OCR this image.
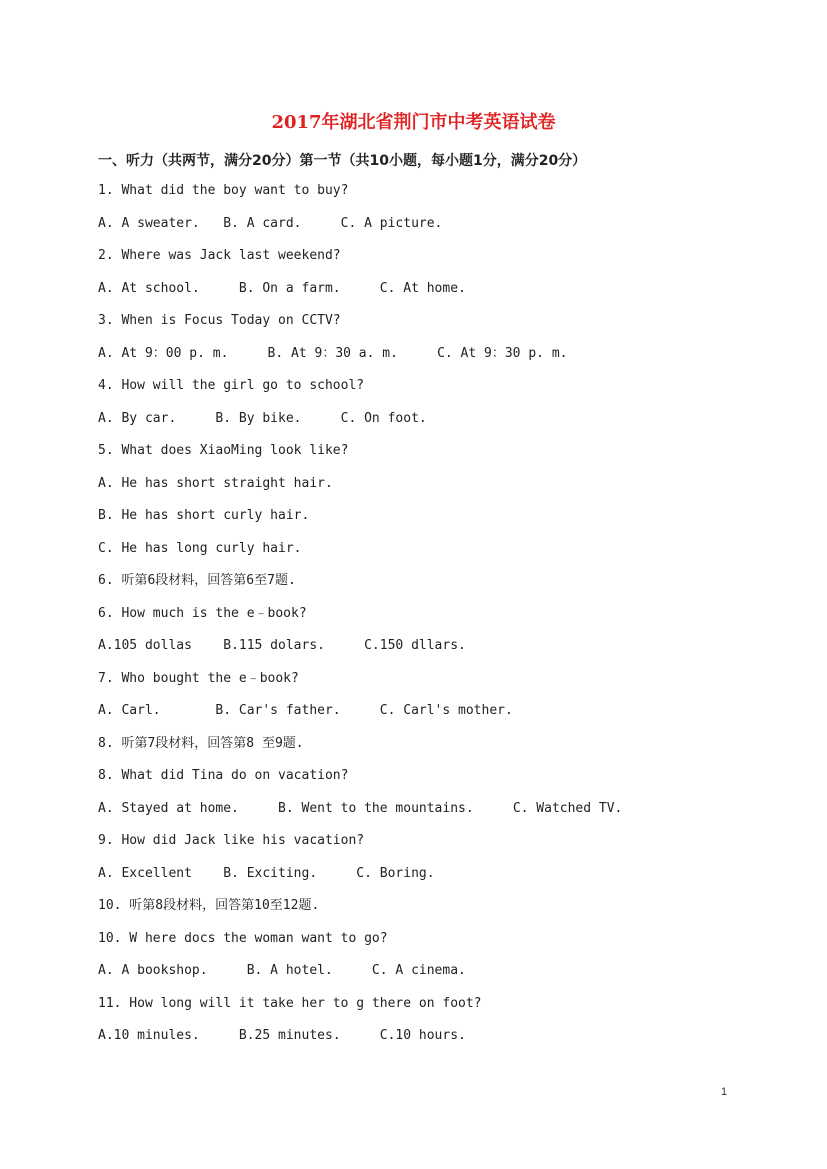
2017年湖北省荆门市中考英语试卷
一、听力（共两节，满分20分）第一节（共10小题，每小题1分，满分20分）
1. What did the boy want to buy?
A. A sweater.   B. A card.     C. A picture.
2. Where was Jack last weekend?
A. At school.     B. On a farm.     C. At home.
3. When is Focus Today on CCTV?
A. At 9：00 p. m.     B. At 9：30 a. m.     C. At 9：30 p. m.
4. How will the girl go to school?
A. By car.     B. By bike.     C. On foot.
5. What does XiaoMing look like?
A. He has short straight hair.
B. He has short curly hair.
C. He has long curly hair.
6. 听第6段材料，回答第6至7题.
6. How much is the e﹣book?
A.105 dollas    B.115 dolars.     C.150 dllars.
7. Who bought the e﹣book?
A. Carl.       B. Car's father.     C. Carl's mother.
8. 听第7段材料，回答第8 至9题.
8. What did Tina do on vacation?
A. Stayed at home.     B. Went to the mountains.     C. Watched TV.
9. How did Jack like his vacation?
A. Excellent    B. Exciting.     C. Boring.
10. 听第8段材料，回答第10至12题.
10. W here docs the woman want to go?
A. A bookshop.     B. A hotel.     C. A cinema.
11. How long will it take her to g there on foot?
A.10 minules.     B.25 minutes.     C.10 hours.
1
